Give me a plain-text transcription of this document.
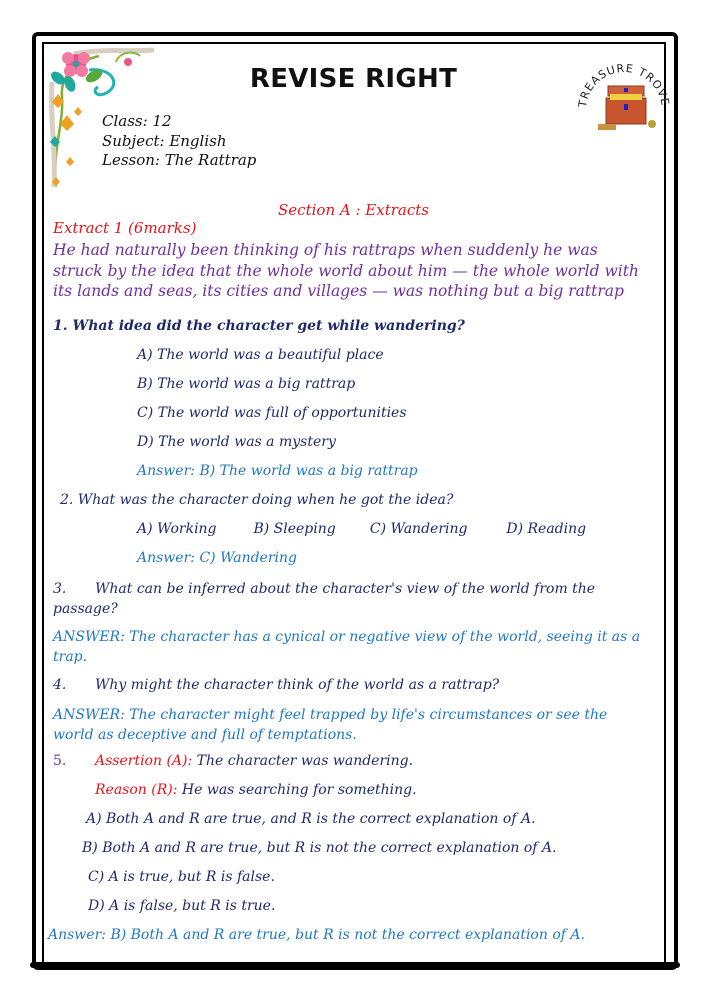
TREASURE TROVE
REVISE RIGHT
Class: 12
Subject: English
Lesson: The Rattrap
Section A : Extracts
Extract 1 (6marks)
He had naturally been thinking of his rattraps when suddenly he was struck by the idea that the whole world about him — the whole world with its lands and seas, its cities and villages — was nothing but a big rattrap
1. What idea did the character get while wandering?
A) The world was a beautiful place
B) The world was a big rattrap
C) The world was full of opportunities
D) The world was a mystery
Answer: B) The world was a big rattrap
2. What was the character doing when he got the idea?
A) Working	B) Sleeping C) Wandering	D) Reading
Answer: C) Wandering
3. What can be inferred about the character's view of the world from the passage?
ANSWER: The character has a cynical or negative view of the world, seeing it as a trap.
4. Why might the character think of the world as a rattrap?
ANSWER: The character might feel trapped by life's circumstances or see the world as deceptive and full of temptations.
5. Assertion (A): The character was wandering.
Reason (R): He was searching for something.
A) Both A and R are true, and R is the correct explanation of A.
B) Both A and R are true, but R is not the correct explanation of A.
C) A is true, but R is false.
D) A is false, but R is true.
Answer: B) Both A and R are true, but R is not the correct explanation of A.
